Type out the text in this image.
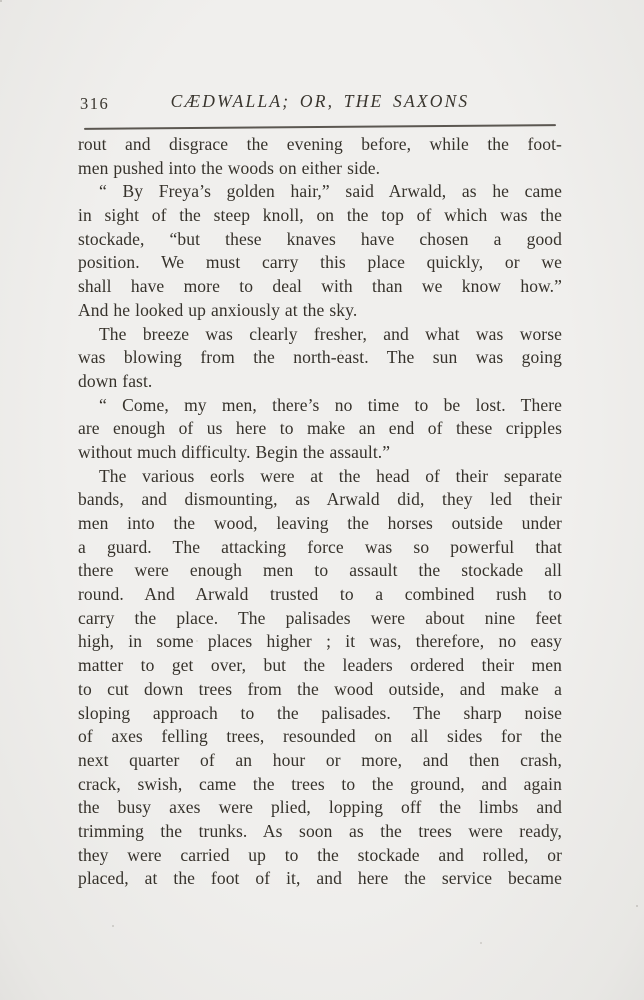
316	CÆDWALLA; OR, THE SAXONS
rout and disgrace the evening before, while the foot-
men pushed into the woods on either side.
“ By Freya’s golden hair,” said Arwald, as he came
in sight of the steep knoll, on the top of which was the
stockade, “but these knaves have chosen a good
position. We must carry this place quickly, or we
shall have more to deal with than we know how.”
And he looked up anxiously at the sky.
The breeze was clearly fresher, and what was worse
was blowing from the north-east. The sun was going
down fast.
“ Come, my men, there’s no time to be lost. There
are enough of us here to make an end of these cripples
without much difficulty. Begin the assault.”
The various eorls were at the head of their separate
bands, and dismounting, as Arwald did, they led their
men into the wood, leaving the horses outside under
a guard. The attacking force was so powerful that
there were enough men to assault the stockade all
round. And Arwald trusted to a combined rush to
carry the place. The palisades were about nine feet
high, in some places higher ; it was, therefore, no easy
matter to get over, but the leaders ordered their men
to cut down trees from the wood outside, and make a
sloping approach to the palisades. The sharp noise
of axes felling trees, resounded on all sides for the
next quarter of an hour or more, and then crash,
crack, swish, came the trees to the ground, and again
the busy axes were plied, lopping off the limbs and
trimming the trunks. As soon as the trees were ready,
they were carried up to the stockade and rolled, or
placed, at the foot of it, and here the service became
